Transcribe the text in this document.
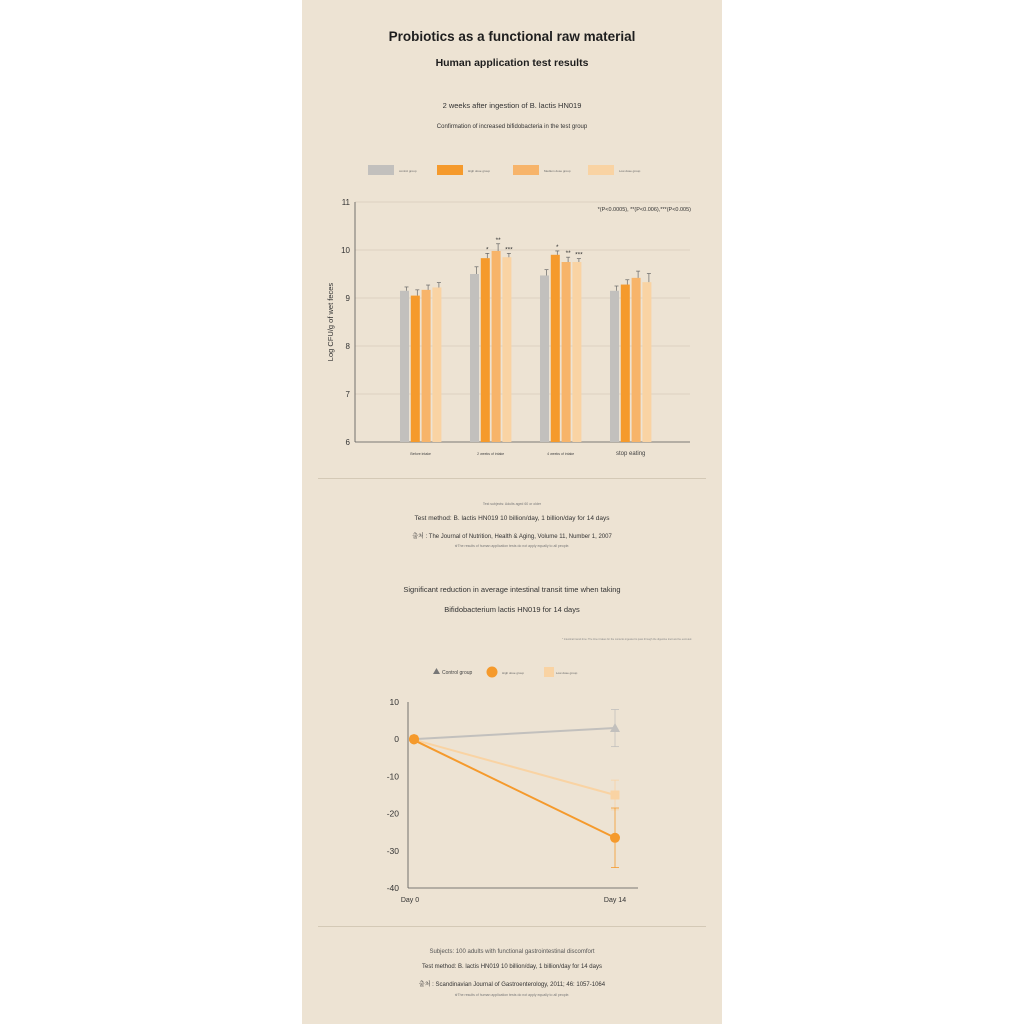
Probiotics as a functional raw material
Human application test results
2 weeks after ingestion of B. lactis HN019
Confirmation of increased bifidobacteria in the test group
control group	High dose group	Medium dose group	Low dose group
6
7
8
9
10
11
Log CFU/g of wet feces
*(P<0.0005), **(P<0.006),***(P<0.005)
Before intake	2 weeks of intake	4 weeks of intake	stop eating
*
**
***	*
** ***
Test subjects: Adults aged 60 or older
Test method: B. lactis HN019 10 billion/day, 1 billion/day for 14 days
출처 : The Journal of Nutrition, Health & Aging, Volume 11, Number 1, 2007
※The results of human application tests do not apply equally to all people.
Significant reduction in average intestinal transit time when taking
Bifidobacterium lactis HN019 for 14 days
* Intestinal transit time: The time it takes for the contents ingested to pass through the digestive tract and be excreted.
Control group	High dose group	Low dose group
10
0
-10
-20
-30
-40
Day 0	Day 14
Subjects: 100 adults with functional gastrointestinal discomfort
Test method: B. lactis HN019 10 billion/day, 1 billion/day for 14 days
출처 : Scandinavian Journal of Gastroenterology, 2011; 46: 1057-1064
※The results of human application tests do not apply equally to all people.
